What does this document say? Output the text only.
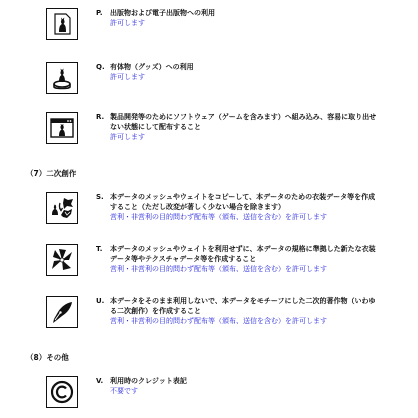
P. 出版物および電子出版物への利用
許可します
Q. 有体物（グッズ）への利用
許可します
R. 製品開発等のためにソフトウェア（ゲームを含みます）へ組み込み、容易に取り出せない状態にして配布すること
許可します
（7）二次創作
S. 本データのメッシュやウェイトをコピーして、本データのための衣装データ等を作成すること（ただし改変が著しく少ない場合を除きます）
営利・非営利の目的問わず配布等（頒布、送信を含む）を許可します
T. 本データのメッシュやウェイトを利用せずに、本データの規格に準拠した新たな衣装データ等やテクスチャデータ等を作成すること
営利・非営利の目的問わず配布等（頒布、送信を含む）を許可します
U. 本データをそのまま利用しないで、本データをモチーフにした二次的著作物（いわゆる二次創作）を作成すること
営利・非営利の目的問わず配布等（頒布、送信を含む）を許可します
（8）その他
V. 利用時のクレジット表記
不要です
